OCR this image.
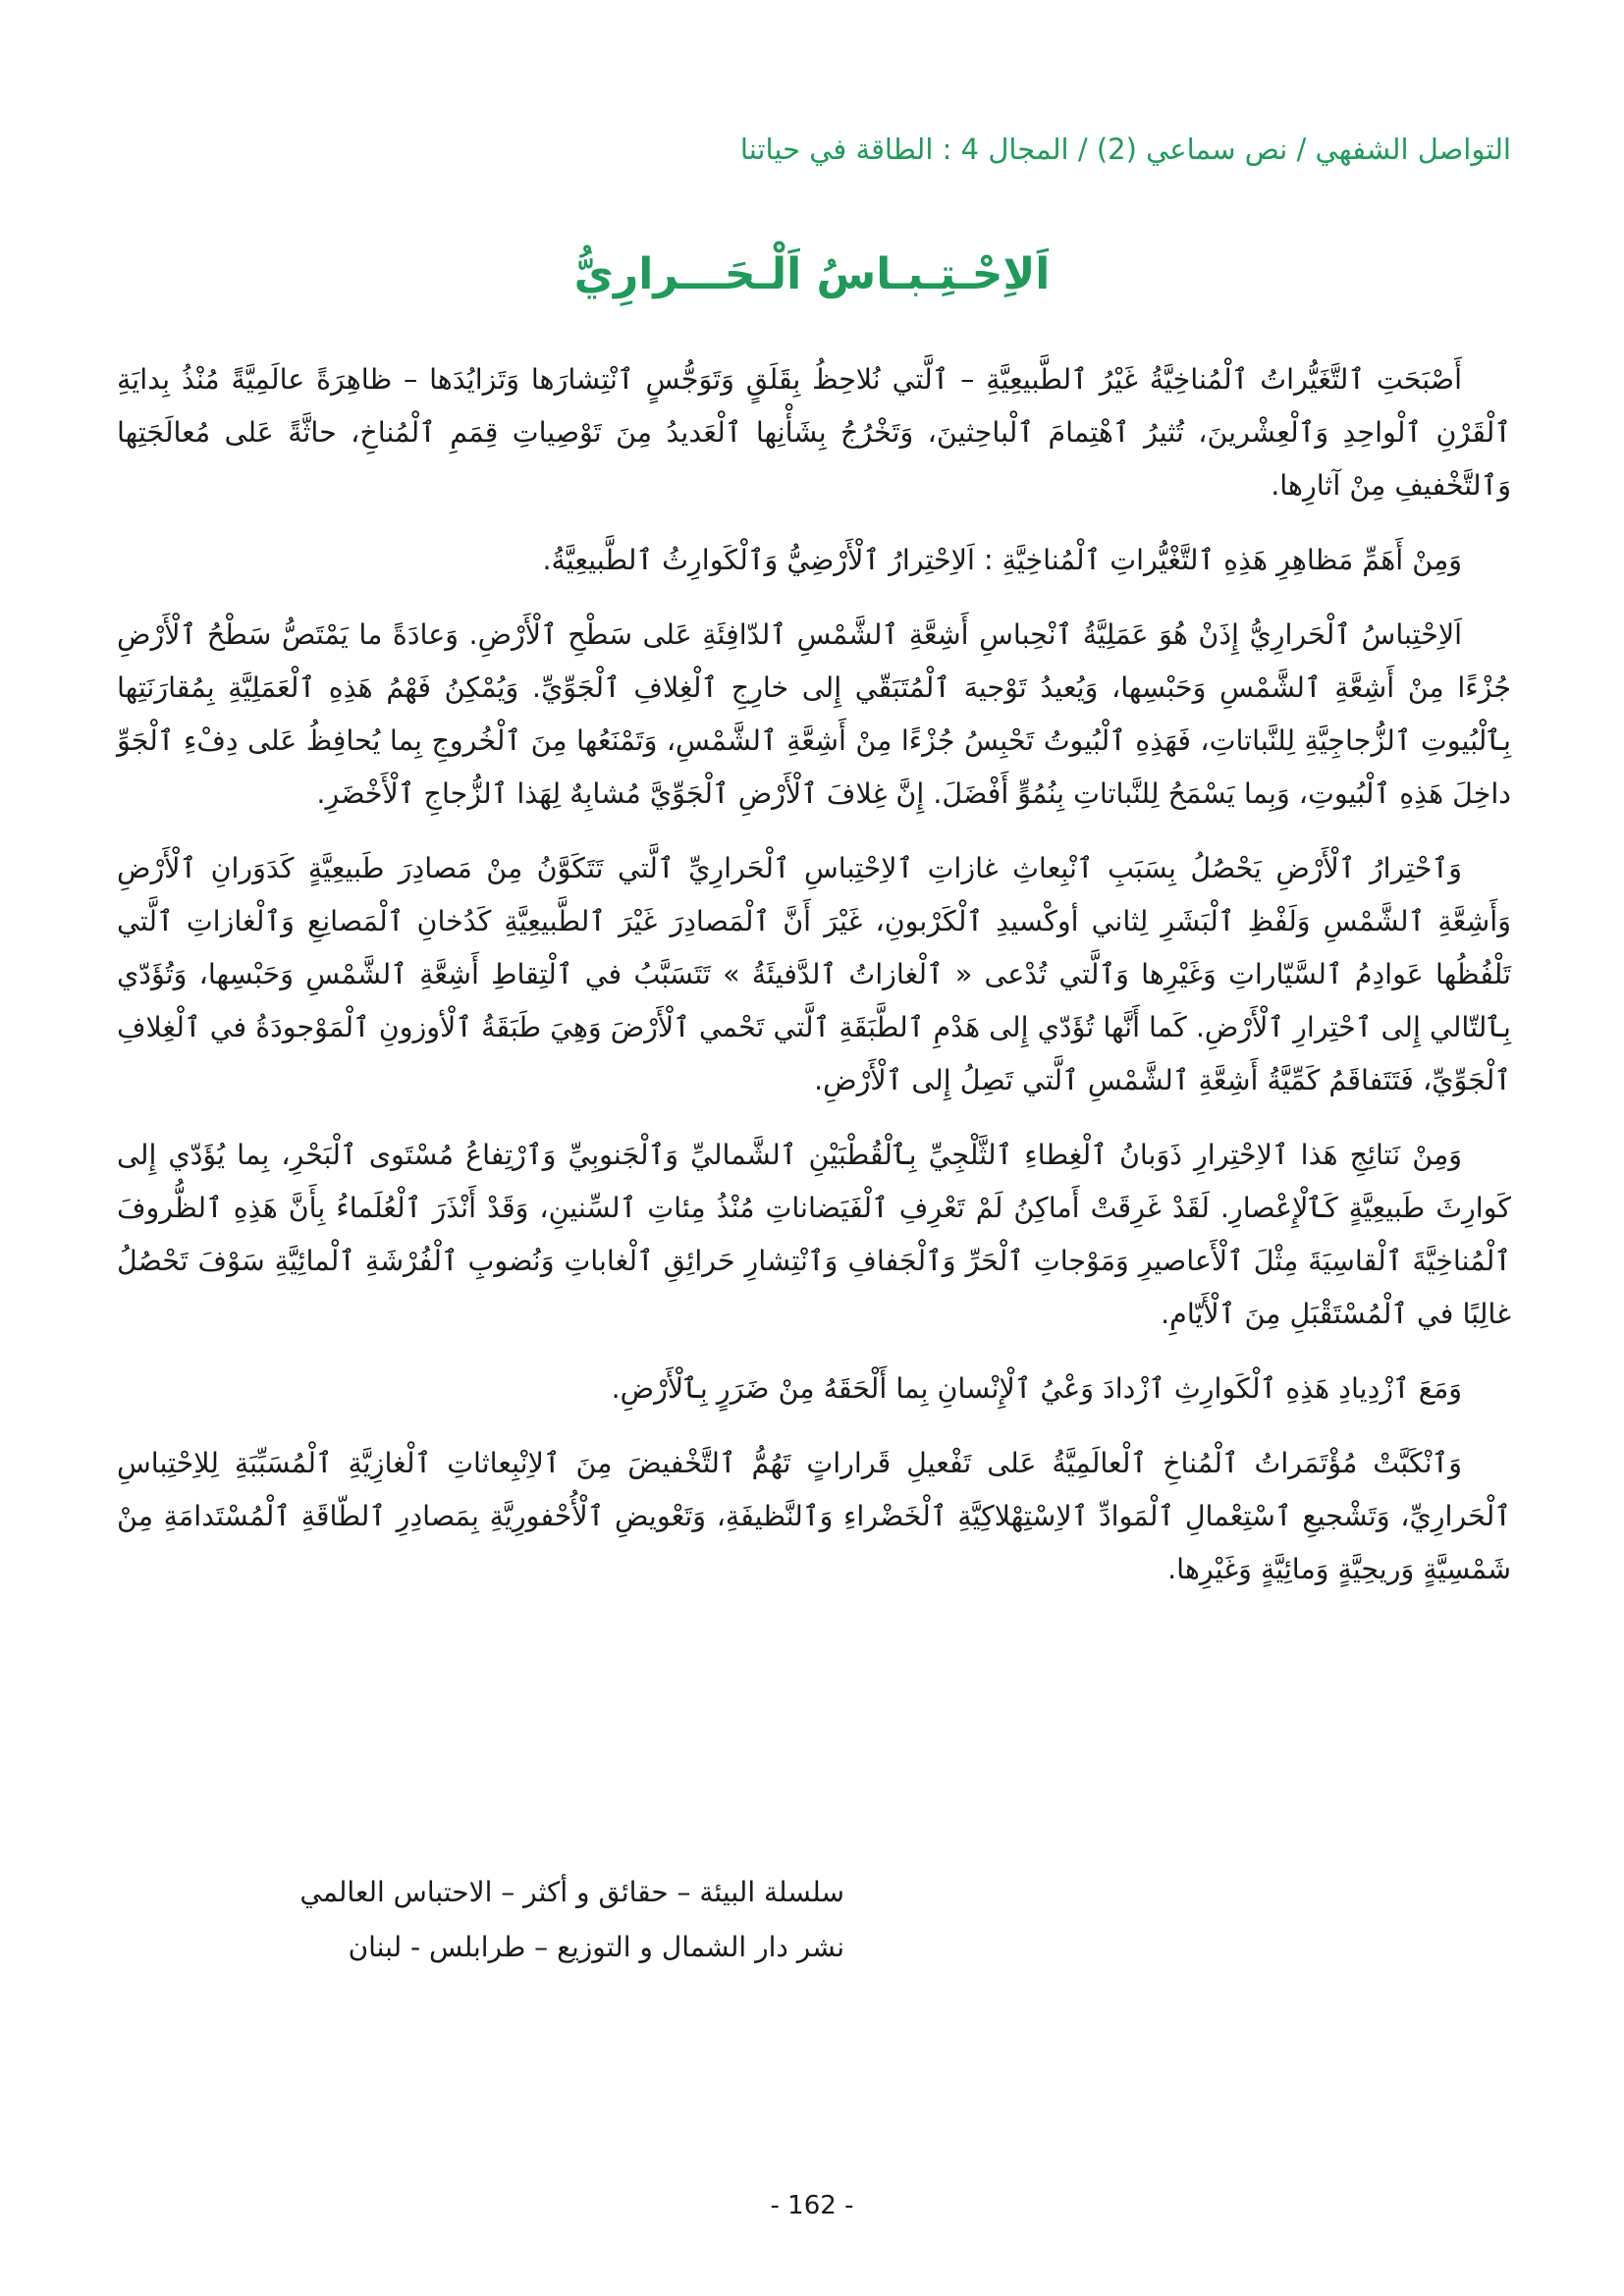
التواصل الشفهي / نص سماعي (2) / المجال 4 : الطاقة في حياتنا
اَلاِحْـتِـبـاسُ اَلْـحَـــرارِيُّ

أَصْبَحَتِ ٱلتَّغَيُّراتُ ٱلْمُناخِيَّةُ غَيْرُ ٱلطَّبيعِيَّةِ – ٱلَّتي نُلاحِظُ بِقَلَقٍ وَتَوَجُّسٍ ٱنْتِشارَها وَتَزايُدَها – ظاهِرَةً عالَمِيَّةً مُنْذُ بِدايَةِ ٱلْقَرْنِ ٱلْواحِدِ وَٱلْعِشْرينَ، تُثيرُ ٱهْتِمامَ ٱلْباحِثينَ، وَتَخْرُجُ بِشَأْنِها ٱلْعَديدُ مِنَ تَوْصِياتِ قِمَمِ ٱلْمُناخِ، حاثَّةً عَلى مُعالَجَتِها وَٱلتَّخْفيفِ مِنْ آثارِها.

وَمِنْ أَهَمِّ مَظاهِرِ هَذِهِ ٱلتَّغْيُّراتِ ٱلْمُناخِيَّةِ : اَلاِحْتِرارُ ٱلْأَرْضِيُّ وَٱلْكَوارِثُ ٱلطَّبيعِيَّةُ.

اَلاِحْتِباسُ ٱلْحَرارِيُّ إِذَنْ هُوَ عَمَلِيَّةُ ٱنْحِباسِ أَشِعَّةِ ٱلشَّمْسِ ٱلدّافِئَةِ عَلى سَطْحِ ٱلْأَرْضِ. وَعادَةً ما يَمْتَصُّ سَطْحُ ٱلْأَرْضِ جُزْءًا مِنْ أَشِعَّةِ ٱلشَّمْسِ وَحَبْسِها، وَيُعيدُ تَوْجيهَ ٱلْمُتَبَقّي إِلى خارِجِ ٱلْغِلافِ ٱلْجَوِّيِّ. وَيُمْكِنُ فَهْمُ هَذِهِ ٱلْعَمَلِيَّةِ بِمُقارَنَتِها بِٱلْبُيوتِ ٱلزُّجاجِيَّةِ لِلنَّباتاتِ، فَهَذِهِ ٱلْبُيوتُ تَحْبِسُ جُزْءًا مِنْ أَشِعَّةِ ٱلشَّمْسِ، وَتَمْنَعُها مِنَ ٱلْخُروجِ بِما يُحافِظُ عَلى دِفْءِ ٱلْجَوِّ داخِلَ هَذِهِ ٱلْبُيوتِ، وَبِما يَسْمَحُ لِلنَّباتاتِ بِنُمُوٍّ أَفْضَلَ. إِنَّ غِلافَ ٱلْأَرْضِ ٱلْجَوِّيَّ مُشابِهٌ لِهَذا ٱلزُّجاجِ ٱلْأَخْضَرِ.

وَٱحْتِرارُ ٱلْأَرْضِ يَحْصُلُ بِسَبَبِ ٱنْبِعاثِ غازاتِ ٱلاِحْتِباسِ ٱلْحَرارِيِّ ٱلَّتي تَتَكَوَّنُ مِنْ مَصادِرَ طَبيعِيَّةٍ كَدَوَرانِ ٱلْأَرْضِ وَأَشِعَّةِ ٱلشَّمْسِ وَلَفْظِ ٱلْبَشَرِ لِثاني أوكْسيدِ ٱلْكَرْبونِ، غَيْرَ أَنَّ ٱلْمَصادِرَ غَيْرَ ٱلطَّبيعِيَّةِ كَدُخانِ ٱلْمَصانِعِ وَٱلْغازاتِ ٱلَّتي تَلْفُظُها عَوادِمُ ٱلسَّيّاراتِ وَغَيْرِها وَٱلَّتي تُدْعى « ٱلْغازاتُ ٱلدَّفيئَةُ » تَتَسَبَّبُ في ٱلْتِقاطِ أَشِعَّةِ ٱلشَّمْسِ وَحَبْسِها، وَتُؤَدّي بِٱلتّالي إِلى ٱحْتِرارِ ٱلْأَرْضِ. كَما أَنَّها تُؤَدّي إِلى هَدْمِ ٱلطَّبَقَةِ ٱلَّتي تَحْمي ٱلْأَرْضَ وَهِيَ طَبَقَةُ ٱلْأوزونِ ٱلْمَوْجودَةُ في ٱلْغِلافِ ٱلْجَوِّيِّ، فَتَتَفاقَمُ كَمِّيَّةُ أَشِعَّةِ ٱلشَّمْسِ ٱلَّتي تَصِلُ إِلى ٱلْأَرْضِ.

وَمِنْ نَتائِجِ هَذا ٱلاِحْتِرارِ ذَوَبانُ ٱلْغِطاءِ ٱلثَّلْجِيِّ بِٱلْقُطْبَيْنِ ٱلشَّماليِّ وَٱلْجَنوبِيِّ وَٱرْتِفاعُ مُسْتَوى ٱلْبَحْرِ، بِما يُؤَدّي إِلى كَوارِثَ طَبيعِيَّةٍ كَٱلْإِعْصارِ. لَقَدْ غَرِقَتْ أَماكِنُ لَمْ تَعْرِفِ ٱلْفَيَضاناتِ مُنْذُ مِئاتِ ٱلسِّنينِ، وَقَدْ أَنْذَرَ ٱلْعُلَماءُ بِأَنَّ هَذِهِ ٱلظُّروفَ ٱلْمُناخِيَّةَ ٱلْقاسِيَةَ مِثْلَ ٱلْأَعاصيرِ وَمَوْجاتِ ٱلْحَرِّ وَٱلْجَفافِ وَٱنْتِشارِ حَرائِقِ ٱلْغاباتِ وَنُضوبِ ٱلْفُرْشَةِ ٱلْمائِيَّةِ سَوْفَ تَحْصُلُ غالِبًا في ٱلْمُسْتَقْبَلِ مِنَ ٱلْأَيّامِ.

وَمَعَ ٱزْدِيادِ هَذِهِ ٱلْكَوارِثِ ٱزْدادَ وَعْيُ ٱلْإِنْسانِ بِما أَلْحَقَهُ مِنْ ضَرَرٍ بِٱلْأَرْضِ.

وَٱنْكَبَّتْ مُؤْتَمَراتُ ٱلْمُناخِ ٱلْعالَمِيَّةُ عَلى تَفْعيلِ قَراراتٍ تَهُمُّ ٱلتَّخْفيضَ مِنَ ٱلاِنْبِعاثاتِ ٱلْغازِيَّةِ ٱلْمُسَبِّبَةِ لِلاِحْتِباسِ ٱلْحَرارِيِّ، وَتَشْجيعِ ٱسْتِعْمالِ ٱلْمَوادِّ ٱلاِسْتِهْلاكِيَّةِ ٱلْخَضْراءِ وَٱلنَّظيفَةِ، وَتَعْويضِ ٱلْأُحْفورِيَّةِ بِمَصادِرِ ٱلطّاقَةِ ٱلْمُسْتَدامَةِ مِنْ شَمْسِيَّةٍ وَريحِيَّةٍ وَمائِيَّةٍ وَغَيْرِها.

سلسلة البيئة – حقائق و أكثر – الاحتباس العالمي
نشر دار الشمال و التوزيع – طرابلس - لبنان
- 162 -
